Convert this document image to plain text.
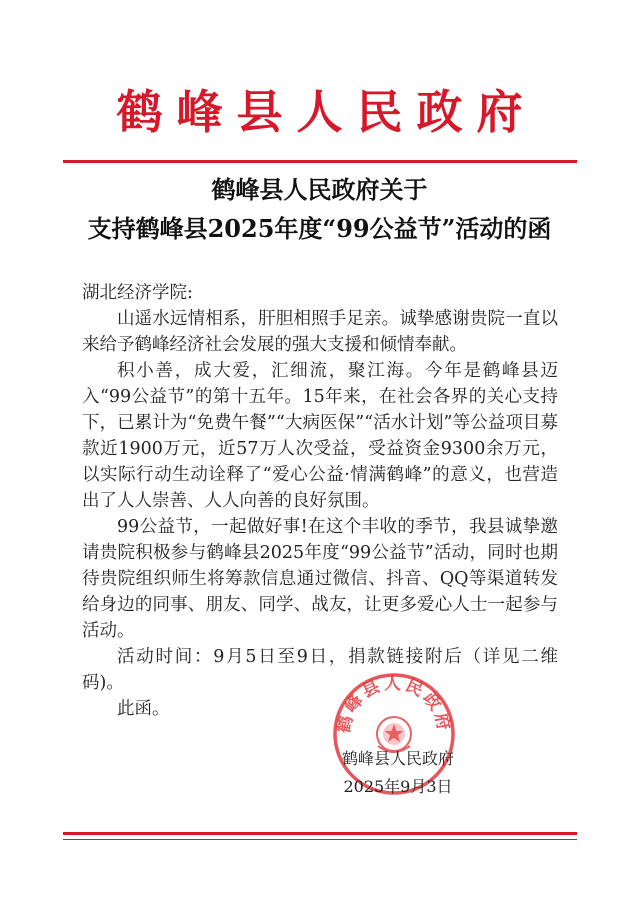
鹤峰县人民政府
鹤峰县人民政府关于
支持鹤峰县2025年度“99公益节”活动的函
湖北经济学院:

山遥水远情相系，肝胆相照手足亲。诚挚感谢贵院一直以来给予鹤峰经济社会发展的强大支援和倾情奉献。

积小善，成大爱，汇细流，聚江海。今年是鹤峰县迈入“99公益节”的第十五年。15年来，在社会各界的关心支持下，已累计为“免费午餐”“大病医保”“活水计划”等公益项目募款近1900万元，近57万人次受益，受益资金9300余万元，以实际行动生动诠释了“爱心公益·情满鹤峰”的意义，也营造出了人人崇善、人人向善的良好氛围。

99公益节，一起做好事!在这个丰收的季节，我县诚挚邀请贵院积极参与鹤峰县2025年度“99公益节”活动，同时也期待贵院组织师生将筹款信息通过微信、抖音、QQ等渠道转发给身边的同事、朋友、同学、战友，让更多爱心人士一起参与活动。

活动时间：9月5日至9日，捐款链接附后（详见二维码)。

此函。

鹤峰县人民政府
鹤峰县人民政府
2025年9月3日
